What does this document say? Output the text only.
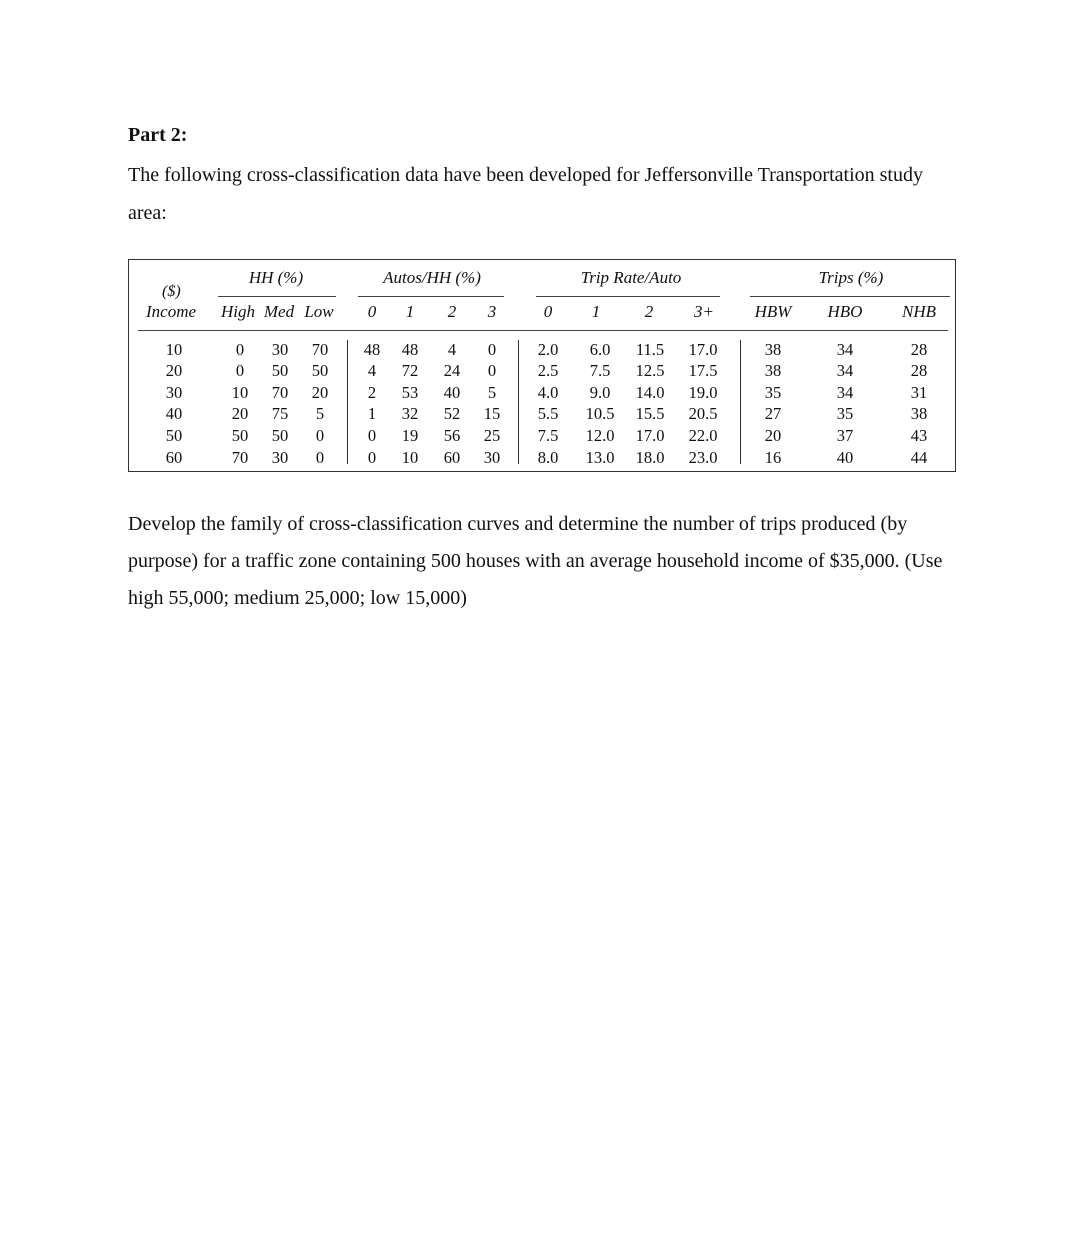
Part 2:
The following cross-classification data have been developed for Jeffersonville Transportation study area:
($)
Income
HH (%)	Autos/HH (%)	Trip Rate/Auto	Trips (%)
High Med Low	0	1	2	3	0	1	2	3+	HBW	HBO	NHB
10	0	30	70	48	48	4	0	2.0	6.0	11.5	17.0	38	34	28
20	0	50	50	4	72	24	0	2.5	7.5	12.5	17.5	38	34	28
30	10	70	20	2	53	40	5	4.0	9.0	14.0	19.0	35	34	31
40	20	75	5	1	32	52	15	5.5	10.5	15.5	20.5	27	35	38
50	50	50	0	0	19	56	25	7.5	12.0	17.0	22.0	20	37	43
60	70	30	0	0	10	60	30	8.0	13.0	18.0	23.0	16	40	44
Develop the family of cross-classification curves and determine the number of trips produced (by purpose) for a traffic zone containing 500 houses with an average household income of $35,000. (Use high 55,000; medium 25,000; low 15,000)
